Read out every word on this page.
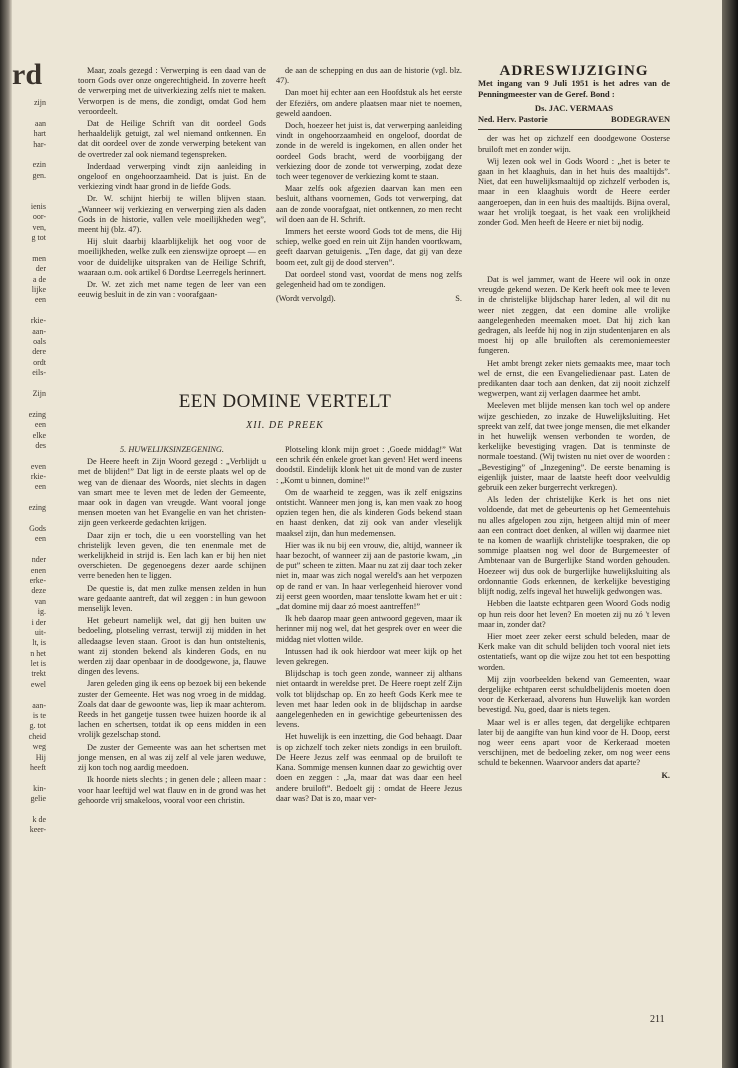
rd
zijn
aan
hart
har-
ezin
gen.
ienis
oor-
ven,
g tot
men
der
a de
lijke
een
rkie-
aan-
oals
dere
ordt
eils-
Zijn
ezing
een
elke
des
even
rkie-
een
ezing
Gods
een
nder
enen
erke-
deze
van
ig.
i der
uit-
lt, is
n het
let is
trekt
ewel
aan-
is te
g. tot
cheid
weg
Hij
heeft
kin-
gelie
k de
keer-

Maar, zoals gezegd : Verwerping is een daad van de toorn Gods over onze ongerechtigheid. In zoverre heeft de verwerping met de uitverkiezing zelfs niet te maken. Verworpen is de mens, die zondigt, omdat God hem veroordeelt.

Dat de Heilige Schrift van dit oordeel Gods herhaaldelijk getuigt, zal wel niemand ontkennen. En dat dit oordeel over de zonde verwerping betekent van de overtreder zal ook niemand tegenspreken.

Inderdaad verwerping vindt zijn aanleiding in ongeloof en ongehoorzaamheid. Dat is juist. En de verkiezing vindt haar grond in de liefde Gods.

Dr. W. schijnt hierbij te willen blijven staan. „Wanneer wij verkiezing en verwerping zien als daden Gods in de historie, vallen vele moeilijkheden weg”, meent hij (blz. 47).

Hij sluit daarbij klaarblijkelijk het oog voor de moeilijkheden, welke zulk een zienswijze oproept — en voor de duidelijke uitspraken van de Heilige Schrift, waaraan o.m. ook artikel 6 Dordtse Leerregels herinnert.

Dr. W. zet zich met name tegen de leer van een eeuwig besluit in de zin van : voorafgaan-

de aan de schepping en dus aan de historie (vgl. blz. 47).

Dan moet hij echter aan een Hoofdstuk als het eerste der Efeziërs, om andere plaatsen maar niet te noemen, geweld aandoen.

Doch, hoezeer het juist is, dat verwerping aanleiding vindt in ongehoorzaamheid en ongeloof, doordat de zonde in de wereld is ingekomen, en allen onder het oordeel Gods bracht, werd de voorbijgang der verkiezing door de zonde tot verwerping, zodat deze toch weer tegenover de verkiezing komt te staan.

Maar zelfs ook afgezien daarvan kan men een besluit, althans voornemen, Gods tot verwerping, dat aan de zonde voorafgaat, niet ontkennen, zo men recht wil doen aan de H. Schrift.

Immers het eerste woord Gods tot de mens, die Hij schiep, welke goed en rein uit Zijn handen voortkwam, geeft daarvan getuigenis. „Ten dage, dat gij van deze boom eet, zult gij de dood sterven”.

Dat oordeel stond vast, voordat de mens nog zelfs gelegenheid had om te zondigen.

(Wordt vervolgd).	S.
ADRESWIJZIGING
Met ingang van 9 Juli 1951 is het adres van de Penningmeester van de Geref. Bond :
Ds. JAC. VERMAAS
Ned. Herv. Pastorie	BODEGRAVEN

der was het op zichzelf een doodgewone Oosterse bruiloft met en zonder wijn.

Wij lezen ook wel in Gods Woord : „het is beter te gaan in het klaaghuis, dan in het huis des maaltijds”. Niet, dat een huwelijksmaaltijd op zichzelf verboden is, maar in een klaaghuis wordt de Heere eerder aangeroepen, dan in een huis des maaltijds. Bijna overal, waar het vrolijk toegaat, is het vaak een vrolijkheid zonder God. Men heeft de Heere er niet bij nodig.

EEN DOMINE VERTELT
XII. DE PREEK

5. HUWELIJKSINZEGENING.

De Heere heeft in Zijn Woord gezegd : „Verblijdt u met de blijden!” Dat ligt in de eerste plaats wel op de weg van de dienaar des Woords, niet slechts in dagen van smart mee te leven met de leden der Gemeente, maar ook in dagen van vreugde. Want vooral jonge mensen moeten van het Evangelie en van het christen-zijn geen verkeerde gedachten krijgen.

Daar zijn er toch, die u een voorstelling van het christelijk leven geven, die ten enenmale met de werkelijkheid in strijd is. Een lach kan er bij hen niet overschieten. De gegenoegens dezer aarde schijnen verre beneden hen te liggen.

De questie is, dat men zulke mensen zelden in hun ware gedaante aantreft, dat wil zeggen : in hun gewoon menselijk leven.

Het gebeurt namelijk wel, dat gij hen buiten uw bedoeling, plotseling verrast, terwijl zij midden in het alledaagse leven staan. Groot is dan hun ontsteltenis, want zij stonden bekend als kinderen Gods, en nu werden zij daar openbaar in de doodgewone, ja, flauwe dingen des levens.

Jaren geleden ging ik eens op bezoek bij een bekende zuster der Gemeente. Het was nog vroeg in de middag. Zoals dat daar de gewoonte was, liep ik maar achterom. Reeds in het gangetje tussen twee huizen hoorde ik al lachen en schertsen, totdat ik op eens midden in een vrolijk gezelschap stond.

De zuster der Gemeente was aan het schertsen met jonge mensen, en al was zij zelf al vele jaren weduwe, zij kon toch nog aardig meedoen.

Ik hoorde niets slechts ; in genen dele ; alleen maar : voor haar leeftijd wel wat flauw en in de grond was het gehoorde vrij smakeloos, vooral voor een christin.

Plotseling klonk mijn groet : ,Goede middag!” Wat een schrik één enkele groet kan geven! Het werd ineens doodstil. Eindelijk klonk het uit de mond van de zuster : „Komt u binnen, domine!”

Om de waarheid te zeggen, was ik zelf enigszins ontsticht. Wanneer men jong is, kan men vaak zo hoog opzien tegen hen, die als kinderen Gods bekend staan en haast denken, dat zij ook van ander vleselijk maaksel zijn, dan hun medemensen.

Hier was ik nu bij een vrouw, die, altijd, wanneer ik haar bezocht, of wanneer zij aan de pastorie kwam, „in de put” scheen te zitten. Maar nu zat zij daar toch zeker niet in, maar was zich nogal wereld's aan het verpozen op de rand er van. In haar verlegenheid hierover vond zij eerst geen woorden, maar tenslotte kwam het er uit : „dat domine mij daar zó moest aantreffen!”

Ik heb daarop maar geen antwoord gegeven, maar ik herinner mij nog wel, dat het gesprek over en weer die middag niet vlotten wilde.

Intussen had ik ook hierdoor wat meer kijk op het leven gekregen.

Blijdschap is toch geen zonde, wanneer zij althans niet ontaardt in wereldse pret. De Heere roept zelf Zijn volk tot blijdschap op. En zo heeft Gods Kerk mee te leven met haar leden ook in de blijdschap in aardse aangelegenheden en in gewichtige gebeurtenissen des levens.

Het huwelijk is een inzetting, die God behaagt. Daar is op zichzelf toch zeker niets zondigs in een bruiloft. De Heere Jezus zelf was eenmaal op de bruiloft te Kana. Sommige mensen kunnen daar zo gewichtig over doen en zeggen : „Ja, maar dat was daar een heel andere bruiloft”. Bedoelt gij : omdat de Heere Jezus daar was? Dat is zo, maar ver-

Dat is wel jammer, want de Heere wil ook in onze vreugde gekend wezen. De Kerk heeft ook mee te leven in de christelijke blijdschap harer leden, al wil dit nu weer niet zeggen, dat een domine alle vrolijke aangelegenheden meemaken moet. Dat hij zich kan gedragen, als leefde hij nog in zijn studentenjaren en als moest hij op alle bruiloften als ceremoniemeester fungeren.

Het ambt brengt zeker niets gemaakts mee, maar toch wel de ernst, die een Evangeliedienaar past. Laten de predikanten daar toch aan denken, dat zij nooit zichzelf wegwerpen, want zij verlagen daarmee het ambt.

Meeleven met blijde mensen kan toch wel op andere wijze geschieden, zo inzake de Huwelijksluiting. Het spreekt van zelf, dat twee jonge mensen, die met elkander in het huwelijk wensen verbonden te worden, de kerkelijke bevestiging vragen. Dat is tenminste de normale toestand. (Wij twisten nu niet over de woorden : „Bevestiging” of „Inzegening”. De eerste benaming is eigenlijk juister, maar de laatste heeft door veelvuldig gebruik een zeker burgerrecht verkregen).

Als leden der christelijke Kerk is het ons niet voldoende, dat met de gebeurtenis op het Gemeentehuis nu alles afgelopen zou zijn, hetgeen altijd min of meer aan een contract doet denken, al willen wij daarmee niet te na komen de waarlijk christelijke toespraken, die op sommige plaatsen nog wel door de Burgemeester of Ambtenaar van de Burgerlijke Stand worden gehouden. Hoezeer wij dus ook de burgerlijke huwelijksluiting als ordonnantie Gods erkennen, de kerkelijke bevestiging blijft nodig, zelfs ingeval het huwelijk gedwongen was.

Hebben die laatste echtparen geen Woord Gods nodig op hun reis door het leven? En moeten zij nu zó 't leven maar in, zonder dat?

Hier moet zeer zeker eerst schuld beleden, maar de Kerk make van dit schuld belijden toch vooral niet iets ostentatiefs, want op die wijze zou het tot een bespotting worden.

Mij zijn voorbeelden bekend van Gemeenten, waar dergelijke echtparen eerst schuldbelijdenis moeten doen voor de Kerkeraad, alvorens hun Huwelijk kan worden bevestigd. Nu, goed, daar is niets tegen.

Maar wel is er alles tegen, dat dergelijke echtparen later bij de aangifte van hun kind voor de H. Doop, eerst nog weer eens apart voor de Kerkeraad moeten verschijnen, met de bedoeling zeker, om nog weer eens schuld te bekennen. Waarvoor anders dat aparte?

K.
211
